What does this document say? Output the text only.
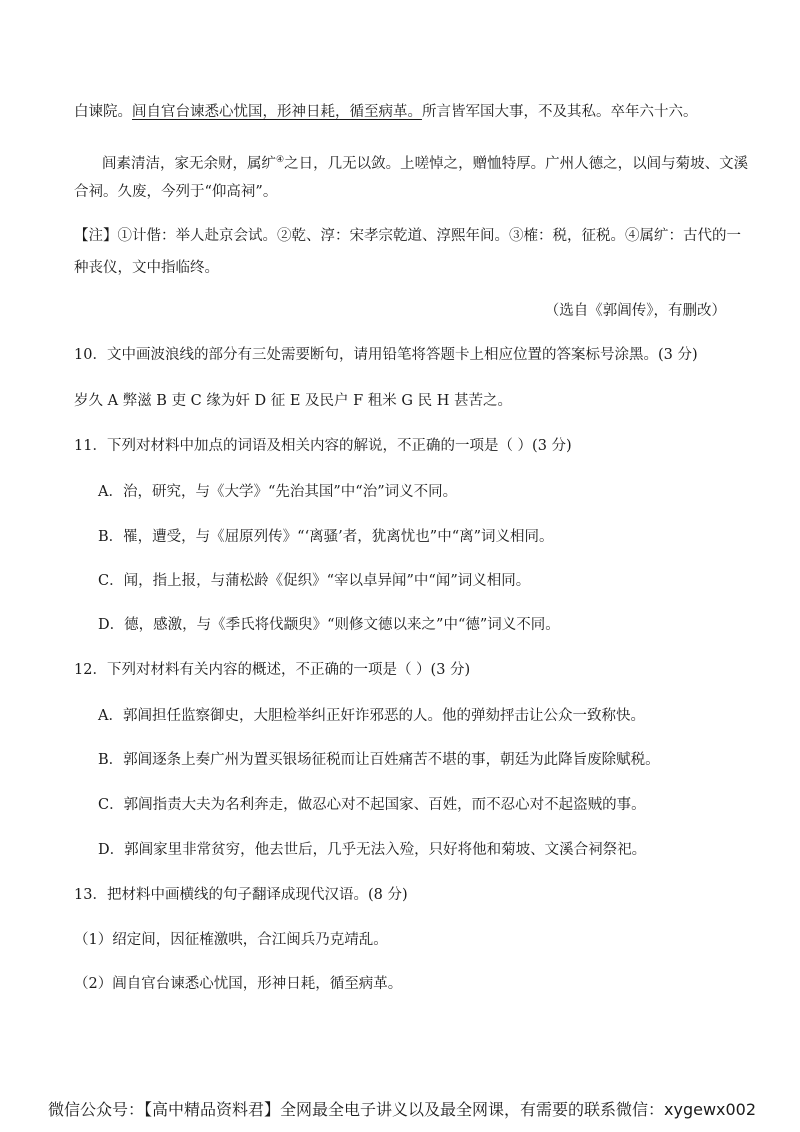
白谏院。闾自官台谏悉心忧国，形神日耗，循至病革。所言皆军国大事，不及其私。卒年六十六。
闾素清洁，家无余财，属纩④之日，几无以敛。上嗟悼之，赠恤特厚。广州人德之，以闾与菊坡、文溪
合祠。久废，今列于“仰高祠”。
【注】①计偕：举人赴京会试。②乾、淳：宋孝宗乾道、淳熙年间。③榷：税，征税。④属纩：古代的一
种丧仪，文中指临终。
（选自《郭阊传》，有删改）
10．文中画波浪线的部分有三处需要断句，请用铅笔将答题卡上相应位置的答案标号涂黑。(3 分)
岁久 A 弊滋 B 吏 C 缘为奸 D 征 E 及民户 F 租米 G 民 H 甚苦之。
11．下列对材料中加点的词语及相关内容的解说，不正确的一项是（ ）(3 分)
A．治，研究，与《大学》“先治其国”中“治”词义不同。
B．罹，遭受，与《屈原列传》“‘离骚’者，犹离忧也”中“离”词义相同。
C．闻，指上报，与蒲松龄《促织》“宰以卓异闻”中“闻”词义相同。
D．德，感激，与《季氏将伐颛臾》“则修文德以来之”中“德”词义不同。
12．下列对材料有关内容的概述，不正确的一项是（ ）(3 分)
A．郭阊担任监察御史，大胆检举纠正奸诈邪恶的人。他的弹劾抨击让公众一致称快。
B．郭阊逐条上奏广州为置买银场征税而让百姓痛苦不堪的事，朝廷为此降旨废除赋税。
C．郭阊指责大夫为名利奔走，做忍心对不起国家、百姓，而不忍心对不起盗贼的事。
D．郭阊家里非常贫穷，他去世后，几乎无法入殓，只好将他和菊坡、文溪合祠祭祀。
13．把材料中画横线的句子翻译成现代汉语。(8 分)
（1）绍定间，因征榷激哄，合江闽兵乃克靖乱。
（2）阊自官台谏悉心忧国，形神日耗，循至病革。
微信公众号：【高中精品资料君】全网最全电子讲义以及最全网课，有需要的联系微信：xygewx002
